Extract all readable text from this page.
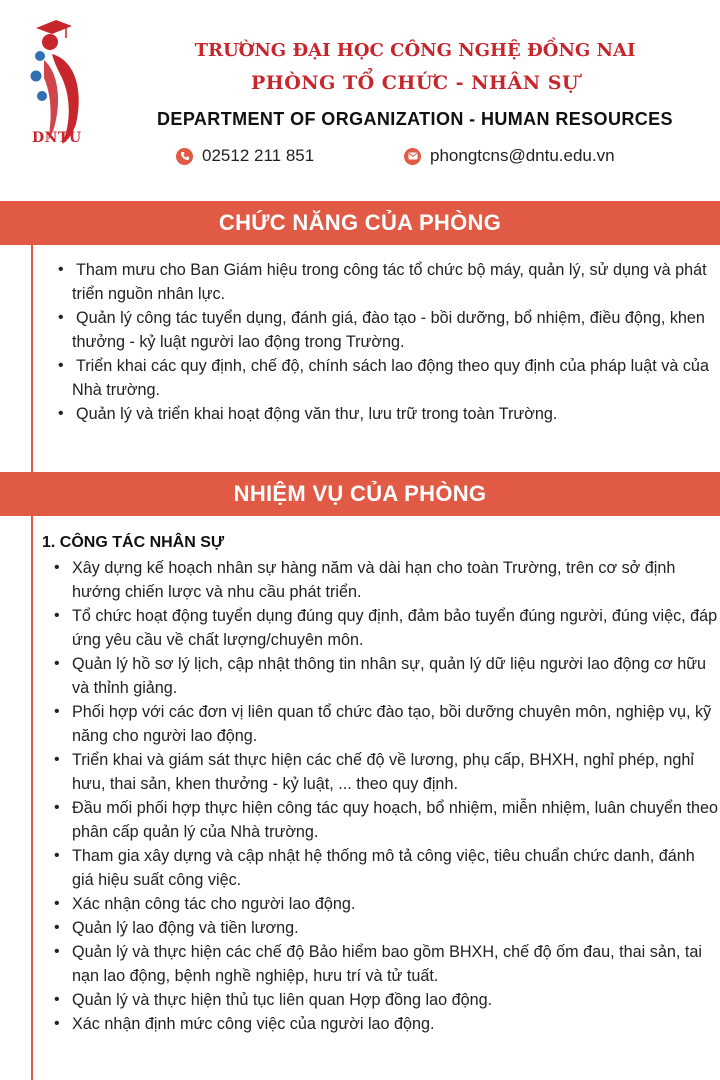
DNTU
TRƯỜNG ĐẠI HỌC CÔNG NGHỆ ĐỒNG NAI
PHÒNG TỔ CHỨC - NHÂN SỰ
DEPARTMENT OF ORGANIZATION - HUMAN RESOURCES
02512 211 851	phongtcns@dntu.edu.vn
CHỨC NĂNG CỦA PHÒNG
• Tham mưu cho Ban Giám hiệu trong công tác tổ chức bộ máy, quản lý, sử dụng và phát triển nguồn nhân lực.
• Quản lý công tác tuyển dụng, đánh giá, đào tạo - bồi dưỡng, bổ nhiệm, điều động, khen thưởng - kỷ luật người lao động trong Trường.
• Triển khai các quy định, chế độ, chính sách lao động theo quy định của pháp luật và của Nhà trường.
• Quản lý và triển khai hoạt động văn thư, lưu trữ trong toàn Trường.
NHIỆM VỤ CỦA PHÒNG
1. CÔNG TÁC NHÂN SỰ
• Xây dựng kế hoạch nhân sự hàng năm và dài hạn cho toàn Trường, trên cơ sở định hướng chiến lược và nhu cầu phát triển.
• Tổ chức hoạt động tuyển dụng đúng quy định, đảm bảo tuyển đúng người, đúng việc, đáp ứng yêu cầu về chất lượng/chuyên môn.
• Quản lý hồ sơ lý lịch, cập nhật thông tin nhân sự, quản lý dữ liệu người lao động cơ hữu và thỉnh giảng.
• Phối hợp với các đơn vị liên quan tổ chức đào tạo, bồi dưỡng chuyên môn, nghiệp vụ, kỹ năng cho người lao động.
• Triển khai và giám sát thực hiện các chế độ về lương, phụ cấp, BHXH, nghỉ phép, nghỉ hưu, thai sản, khen thưởng - kỷ luật, ... theo quy định.
• Đầu mối phối hợp thực hiện công tác quy hoạch, bổ nhiệm, miễn nhiệm, luân chuyển theo phân cấp quản lý của Nhà trường.
• Tham gia xây dựng và cập nhật hệ thống mô tả công việc, tiêu chuẩn chức danh, đánh giá hiệu suất công việc.
• Xác nhận công tác cho người lao động.
• Quản lý lao động và tiền lương.
• Quản lý và thực hiện các chế độ Bảo hiểm bao gồm BHXH, chế độ ốm đau, thai sản, tai nạn lao động, bệnh nghề nghiệp, hưu trí và tử tuất.
• Quản lý và thực hiện thủ tục liên quan Hợp đồng lao động.
• Xác nhận định mức công việc của người lao động.
